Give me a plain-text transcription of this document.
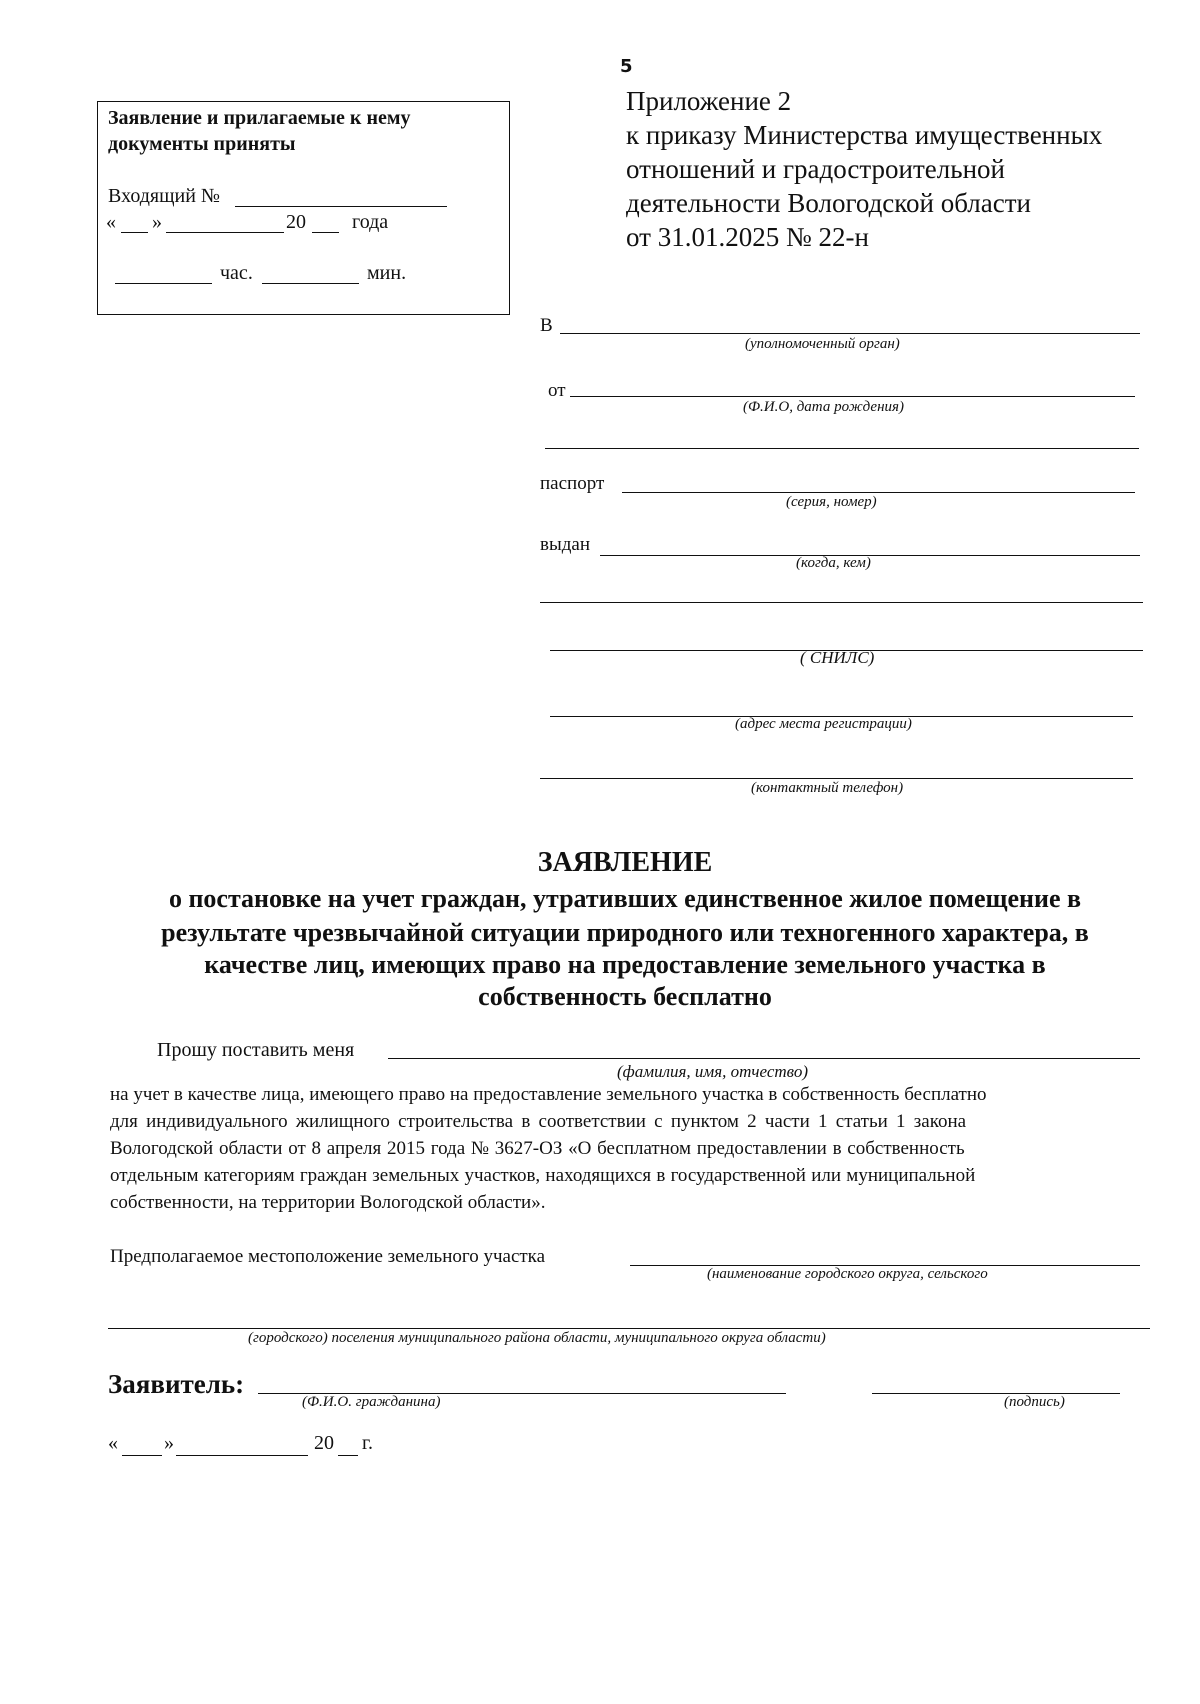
5
Приложение 2
к приказу Министерства имущественных
отношений и градостроительной
деятельности Вологодской области
от 31.01.2025 № 22-н
Заявление и прилагаемые к нему
документы приняты
Входящий №
« »	20 года
час.	мин.
В
(уполномоченный орган)
от
(Ф.И.О, дата рождения)
паспорт
(серия, номер)
выдан
(когда, кем)
( СНИЛС)
(адрес места регистрации)
(контактный телефон)
ЗАЯВЛЕНИЕ
о постановке на учет граждан, утративших единственное жилое помещение в
результате чрезвычайной ситуации природного или техногенного характера, в
качестве лиц, имеющих право на предоставление земельного участка в
собственность бесплатно
Прошу поставить меня
(фамилия, имя, отчество)
на учет в качестве лица, имеющего право на предоставление земельного участка в собственность бесплатно
для индивидуального жилищного строительства в соответствии с пунктом 2 части 1 статьи 1 закона
Вологодской области от 8 апреля 2015 года № 3627-ОЗ «О бесплатном предоставлении в собственность
отдельным категориям граждан земельных участков, находящихся в государственной или муниципальной
собственности, на территории Вологодской области».
Предполагаемое местоположение земельного участка
(наименование городского округа, сельского
(городского) поселения муниципального района области, муниципального округа области)
Заявитель:
(Ф.И.О. гражданина)	(подпись)
« »	20 г.
